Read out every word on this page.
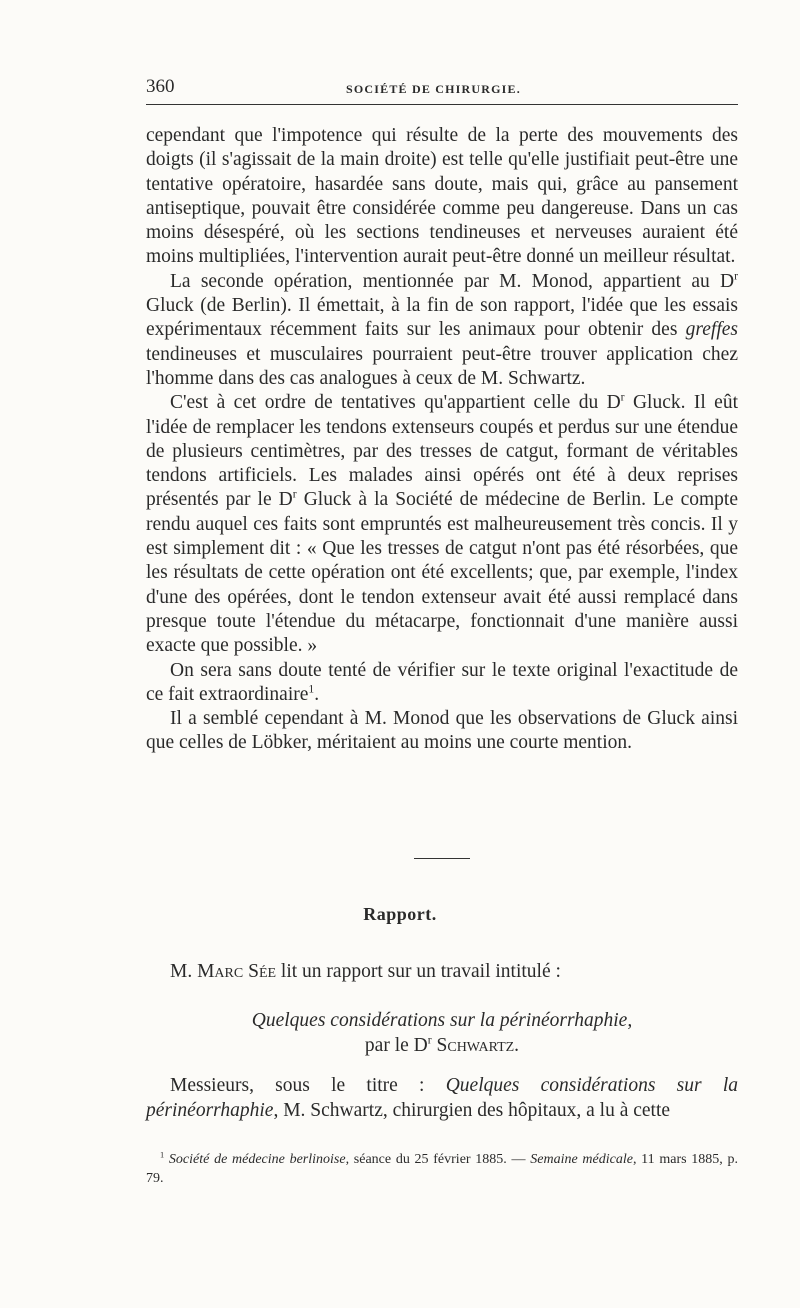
360	SOCIÉTÉ DE CHIRURGIE.

cependant que l'impotence qui résulte de la perte des mouvements des doigts (il s'agissait de la main droite) est telle qu'elle justifiait peut-être une tentative opératoire, hasardée sans doute, mais qui, grâce au pansement antiseptique, pouvait être considérée comme peu dangereuse. Dans un cas moins désespéré, où les sections tendineuses et nerveuses auraient été moins multipliées, l'intervention aurait peut-être donné un meilleur résultat.

La seconde opération, mentionnée par M. Monod, appartient au $D^r$ Gluck (de Berlin). Il émettait, à la fin de son rapport, l'idée que les essais expérimentaux récemment faits sur les animaux pour obtenir des greffes tendineuses et musculaires pourraient peut-être trouver application chez l'homme dans des cas analogues à ceux de M. Schwartz.

C'est à cet ordre de tentatives qu'appartient celle du $D^r$ Gluck. Il eût l'idée de remplacer les tendons extenseurs coupés et perdus sur une étendue de plusieurs centimètres, par des tresses de catgut, formant de véritables tendons artificiels. Les malades ainsi opérés ont été à deux reprises présentés par le $D^r$ Gluck à la Société de médecine de Berlin. Le compte rendu auquel ces faits sont empruntés est malheureusement très concis. Il y est simplement dit : « Que les tresses de catgut n'ont pas été résorbées, que les résultats de cette opération ont été excellents; que, par exemple, l'index d'une des opérées, dont le tendon extenseur avait été aussi remplacé dans presque toute l'étendue du métacarpe, fonctionnait d'une manière aussi exacte que possible. »

On sera sans doute tenté de vérifier sur le texte original l'exactitude de ce fait extraordinaire$^1$.

Il a semblé cependant à M. Monod que les observations de Gluck ainsi que celles de Löbker, méritaient au moins une courte mention.

Rapport.
M. Marc Sée lit un rapport sur un travail intitulé :
Quelques considérations sur la périnéorrhaphie,
par le $D^r$ Schwartz.
Messieurs, sous le titre : Quelques considérations sur la périnéorrhaphie, M. Schwartz, chirurgien des hôpitaux, a lu à cette
$^1$ Société de médecine berlinoise, séance du 25 février 1885. — Semaine médicale, 11 mars 1885, p. 79.
